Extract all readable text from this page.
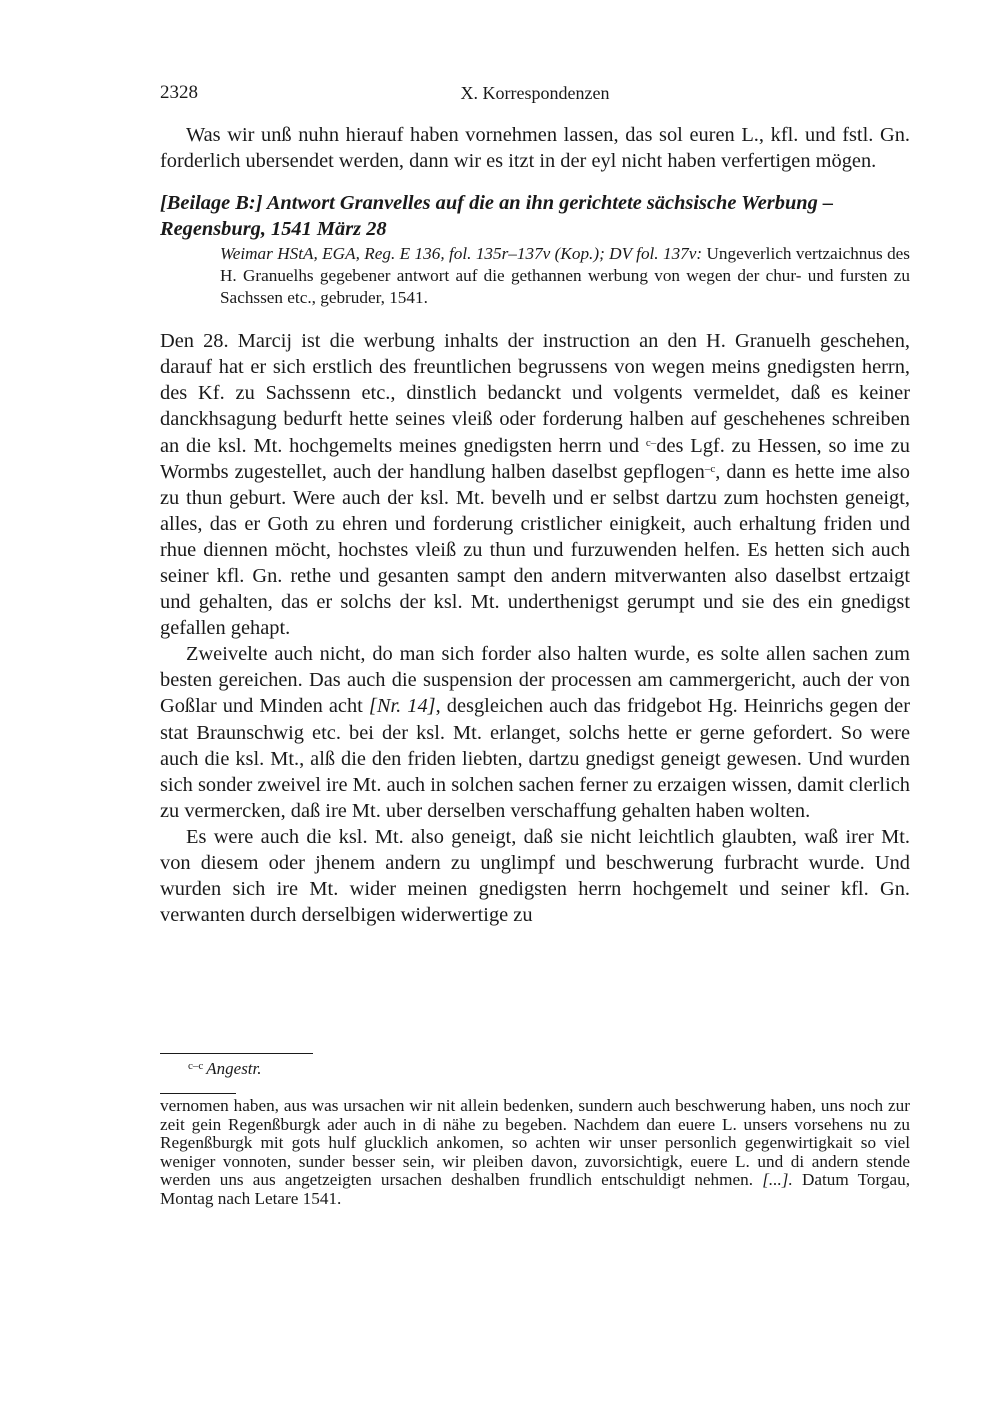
2328	X. Korrespondenzen

Was wir unß nuhn hierauf haben vornehmen lassen, das sol euren L., kfl. und fstl. Gn. forderlich ubersendet werden, dann wir es itzt in der eyl nicht haben verfertigen mögen.

[Beilage B:] Antwort Granvelles auf die an ihn gerichtete sächsische Werbung – Regensburg, 1541 März 28
Weimar HStA, EGA, Reg. E 136, fol. 135r–137v (Kop.); DV fol. 137v: Ungeverlich vertzaichnus des H. Granuelhs gegebener antwort auf die gethannen werbung von wegen der chur- und fursten zu Sachssen etc., gebruder, 1541.

Den 28. Marcij ist die werbung inhalts der instruction an den H. Granuelh geschehen, darauf hat er sich erstlich des freuntlichen begrussens von wegen meins gnedigsten herrn, des Kf. zu Sachssenn etc., dinstlich bedanckt und volgents vermeldet, daß es keiner danckhsagung bedurft hette seines vleiß oder forderung halben auf geschehenes schreiben an die ksl. Mt. hochgemelts meines gnedigsten herrn und $^{c-}$des Lgf. zu Hessen, so ime zu Wormbs zugestellet, auch der handlung halben daselbst gepflogen$^{-c}$, dann es hette ime also zu thun geburt. Were auch der ksl. Mt. bevelh und er selbst dartzu zum hochsten geneigt, alles, das er Goth zu ehren und forderung cristlicher einigkeit, auch erhaltung friden und rhue diennen möcht, hochstes vleiß zu thun und furzuwenden helfen. Es hetten sich auch seiner kfl. Gn. rethe und gesanten sampt den andern mitverwanten also daselbst ertzaigt und gehalten, das er solchs der ksl. Mt. underthenigst gerumpt und sie des ein gnedigst gefallen gehapt.

Zweivelte auch nicht, do man sich forder also halten wurde, es solte allen sachen zum besten gereichen. Das auch die suspension der processen am cammergericht, auch der von Goßlar und Minden acht [Nr. 14], desgleichen auch das fridgebot Hg. Heinrichs gegen der stat Braunschwig etc. bei der ksl. Mt. erlanget, solchs hette er gerne gefordert. So were auch die ksl. Mt., alß die den friden liebten, dartzu gnedigst geneigt gewesen. Und wurden sich sonder zweivel ire Mt. auch in solchen sachen ferner zu erzaigen wissen, damit clerlich zu vermercken, daß ire Mt. uber derselben verschaffung gehalten haben wolten.

Es were auch die ksl. Mt. also geneigt, daß sie nicht leichtlich glaubten, waß irer Mt. von diesem oder jhenem andern zu unglimpf und beschwerung furbracht wurde. Und wurden sich ire Mt. wider meinen gnedigsten herrn hochgemelt und seiner kfl. Gn. verwanten durch derselbigen widerwertige zu

$^{c-c}$ Angestr.
vernomen haben, aus was ursachen wir nit allein bedenken, sundern auch beschwerung haben, uns noch zur zeit gein Regenßburgk ader auch in di nähe zu begeben. Nachdem dan euere L. unsers vorsehens nu zu Regenßburgk mit gots hulf glucklich ankomen, so achten wir unser personlich gegenwirtigkait so viel weniger vonnoten, sunder besser sein, wir pleiben davon, zuvorsichtigk, euere L. und di andern stende werden uns aus angetzeigten ursachen deshalben frundlich entschuldigt nehmen. [...]. Datum Torgau, Montag nach Letare 1541.
